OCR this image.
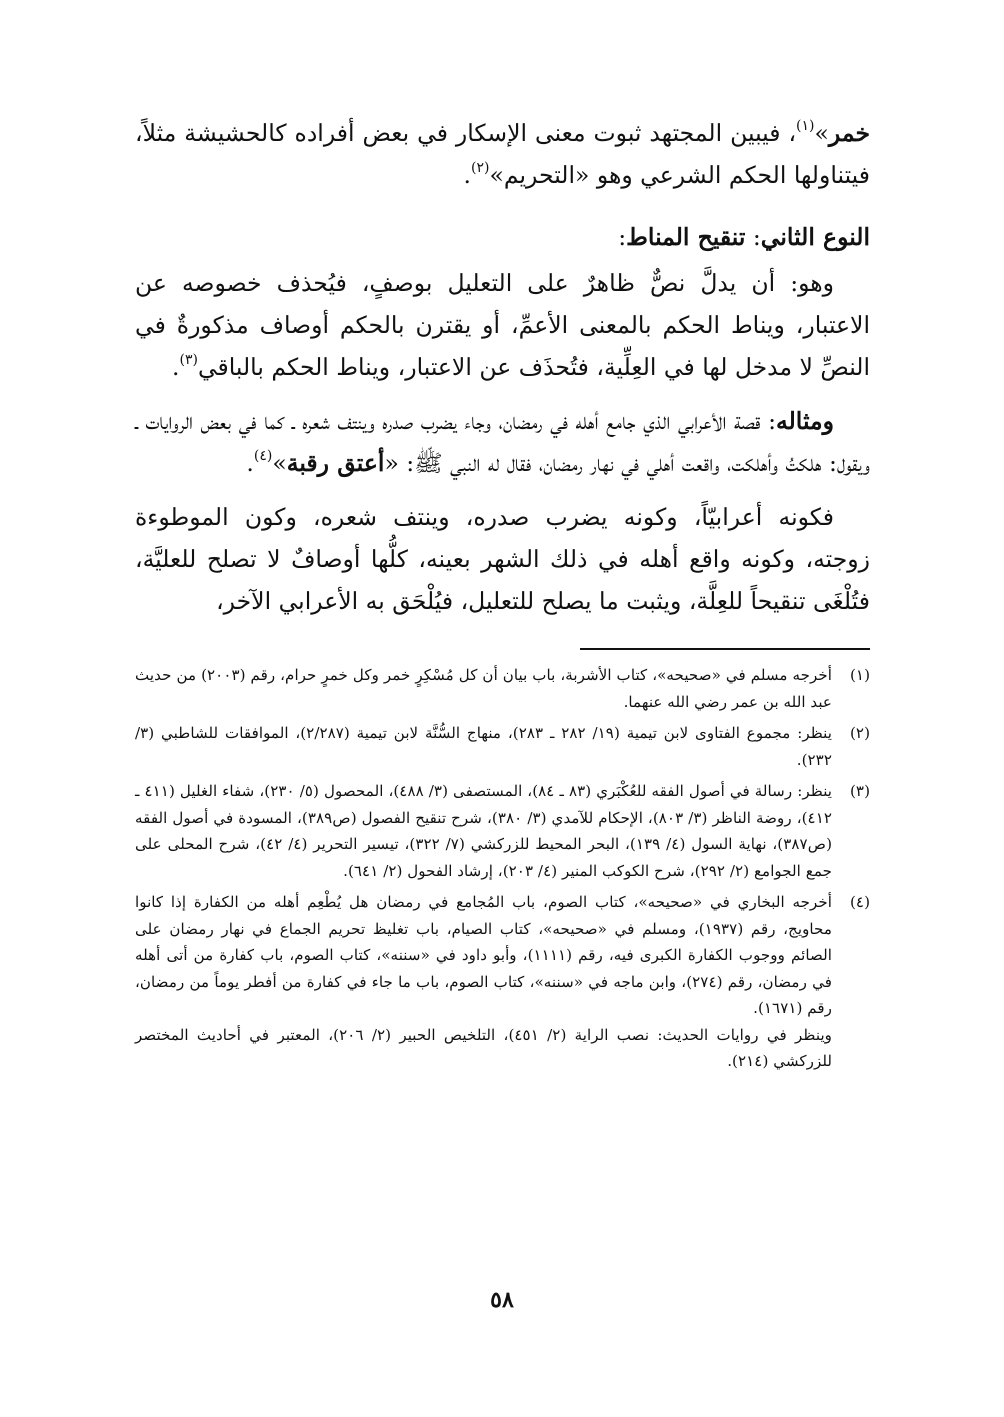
خمر»$^{(١)}$، فيبين المجتهد ثبوت معنى الإسكار في بعض أفراده كالحشيشة مثلاً، فيتناولها الحكم الشرعي وهو «التحريم»$^{(٢)}$.

النوع الثاني: تنقيح المناط:

وهو: أن يدلَّ نصٌّ ظاهرٌ على التعليل بوصفٍ، فيُحذف خصوصه عن الاعتبار، ويناط الحكم بالمعنى الأعمِّ، أو يقترن بالحكم أوصاف مذكورةٌ في النصِّ لا مدخل لها في العِلِّية، فتُحذَف عن الاعتبار، ويناط الحكم بالباقي$^{(٣)}$.

ومثاله: قصة الأعرابي الذي جامع أهله في رمضان، وجاء يضرب صدره وينتف شعره ـ كما في بعض الروايات ـ ويقول: هلكتُ وأهلكت، واقعت أهلي في نهار رمضان، فقال له النبي ﷺ: «أعتق رقبة»$^{(٤)}$.

فكونه أعرابيّاً، وكونه يضرب صدره، وينتف شعره، وكون الموطوءة زوجته، وكونه واقع أهله في ذلك الشهر بعينه، كلُّها أوصافٌ لا تصلح للعليَّة، فتُلْغَى تنقيحاً للعِلَّة، ويثبت ما يصلح للتعليل، فيُلْحَق به الأعرابي الآخر،

(١)

أخرجه مسلم في «صحيحه»، كتاب الأشربة، باب بيان أن كل مُسْكِرٍ خمر وكل خمرٍ حرام، رقم (٢٠٠٣) من حديث عبد الله بن عمر رضي الله عنهما.

(٢)

ينظر: مجموع الفتاوى لابن تيمية (١٩/ ٢٨٢ ـ ٢٨٣)، منهاج السُّنَّة لابن تيمية (٢/٢٨٧)، الموافقات للشاطبي (٣/ ٢٣٢).

(٣)

ينظر: رسالة في أصول الفقه للعُكْبَري (٨٣ ـ ٨٤)، المستصفى (٣/ ٤٨٨)، المحصول (٥/ ٢٣٠)، شفاء الغليل (٤١١ ـ ٤١٢)، روضة الناظر (٣/ ٨٠٣)، الإحكام للآمدي (٣/ ٣٨٠)، شرح تنقيح الفصول (ص٣٨٩)، المسودة في أصول الفقه (ص٣٨٧)، نهاية السول (٤/ ١٣٩)، البحر المحيط للزركشي (٧/ ٣٢٢)، تيسير التحرير (٤/ ٤٢)، شرح المحلى على جمع الجوامع (٢/ ٢٩٢)، شرح الكوكب المنير (٤/ ٢٠٣)، إرشاد الفحول (٢/ ٦٤١).

(٤)

أخرجه البخاري في «صحيحه»، كتاب الصوم، باب المُجامع في رمضان هل يُطْعِم أهله من الكفارة إذا كانوا محاويج، رقم (١٩٣٧)، ومسلم في «صحيحه»، كتاب الصيام، باب تغليظ تحريم الجماع في نهار رمضان على الصائم ووجوب الكفارة الكبرى فيه، رقم (١١١١)، وأبو داود في «سننه»، كتاب الصوم، باب كفارة من أتى أهله في رمضان، رقم (٢٧٤)، وابن ماجه في «سننه»، كتاب الصوم، باب ما جاء في كفارة من أفطر يوماً من رمضان، رقم (١٦٧١).

وينظر في روايات الحديث: نصب الراية (٢/ ٤٥١)، التلخيص الحبير (٢/ ٢٠٦)، المعتبر في أحاديث المختصر للزركشي (٢١٤).

٥٨
